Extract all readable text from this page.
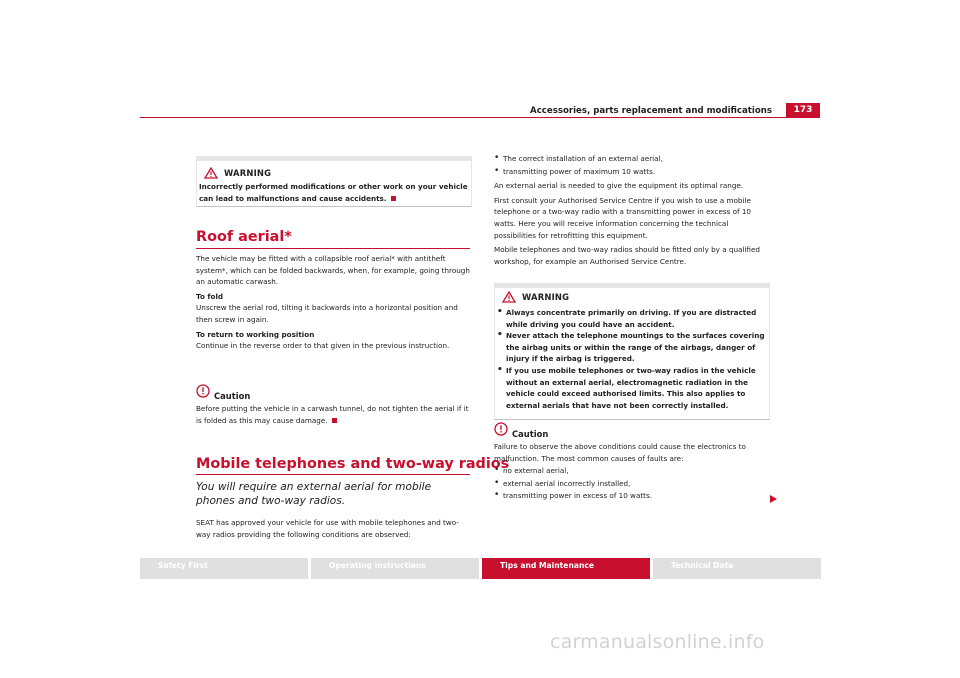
Accessories, parts replacement and modifications	173
WARNING
Incorrectly performed modifications or other work on your vehicle can lead to malfunctions and cause accidents.
Roof aerial*

The vehicle may be fitted with a collapsible roof aerial* with antitheft system*, which can be folded backwards, when, for example, going through an automatic carwash.

To fold

Unscrew the aerial rod, tilting it backwards into a horizontal position and then screw in again.

To return to working position

Continue in the reverse order to that given in the previous instruction.

Caution
Before putting the vehicle in a carwash tunnel, do not tighten the aerial if it is folded as this may cause damage.
Mobile telephones and two-way radios
You will require an external aerial for mobile phones and two-way radios.
SEAT has approved your vehicle for use with mobile telephones and two-way radios providing the following conditions are observed:

• The correct installation of an external aerial,

• transmitting power of maximum 10 watts.

An external aerial is needed to give the equipment its optimal range.

First consult your Authorised Service Centre if you wish to use a mobile telephone or a two-way radio with a transmitting power in excess of 10 watts. Here you will receive information concerning the technical possibilities for retrofitting this equipment.

Mobile telephones and two-way radios should be fitted only by a qualified workshop, for example an Authorised Service Centre.

WARNING

• Always concentrate primarily on driving. If you are distracted while driving you could have an accident.

• Never attach the telephone mountings to the surfaces covering the airbag units or within the range of the airbags, danger of injury if the airbag is triggered.

• If you use mobile telephones or two-way radios in the vehicle without an external aerial, electromagnetic radiation in the vehicle could exceed authorised limits. This also applies to external aerials that have not been correctly installed.

Caution

Failure to observe the above conditions could cause the electronics to malfunction. The most common causes of faults are:

• no external aerial,

• external aerial incorrectly installed,

• transmitting power in excess of 10 watts.

Safety First	Operating instructions	Tips and Maintenance	Technical Data
carmanualsonline.info
